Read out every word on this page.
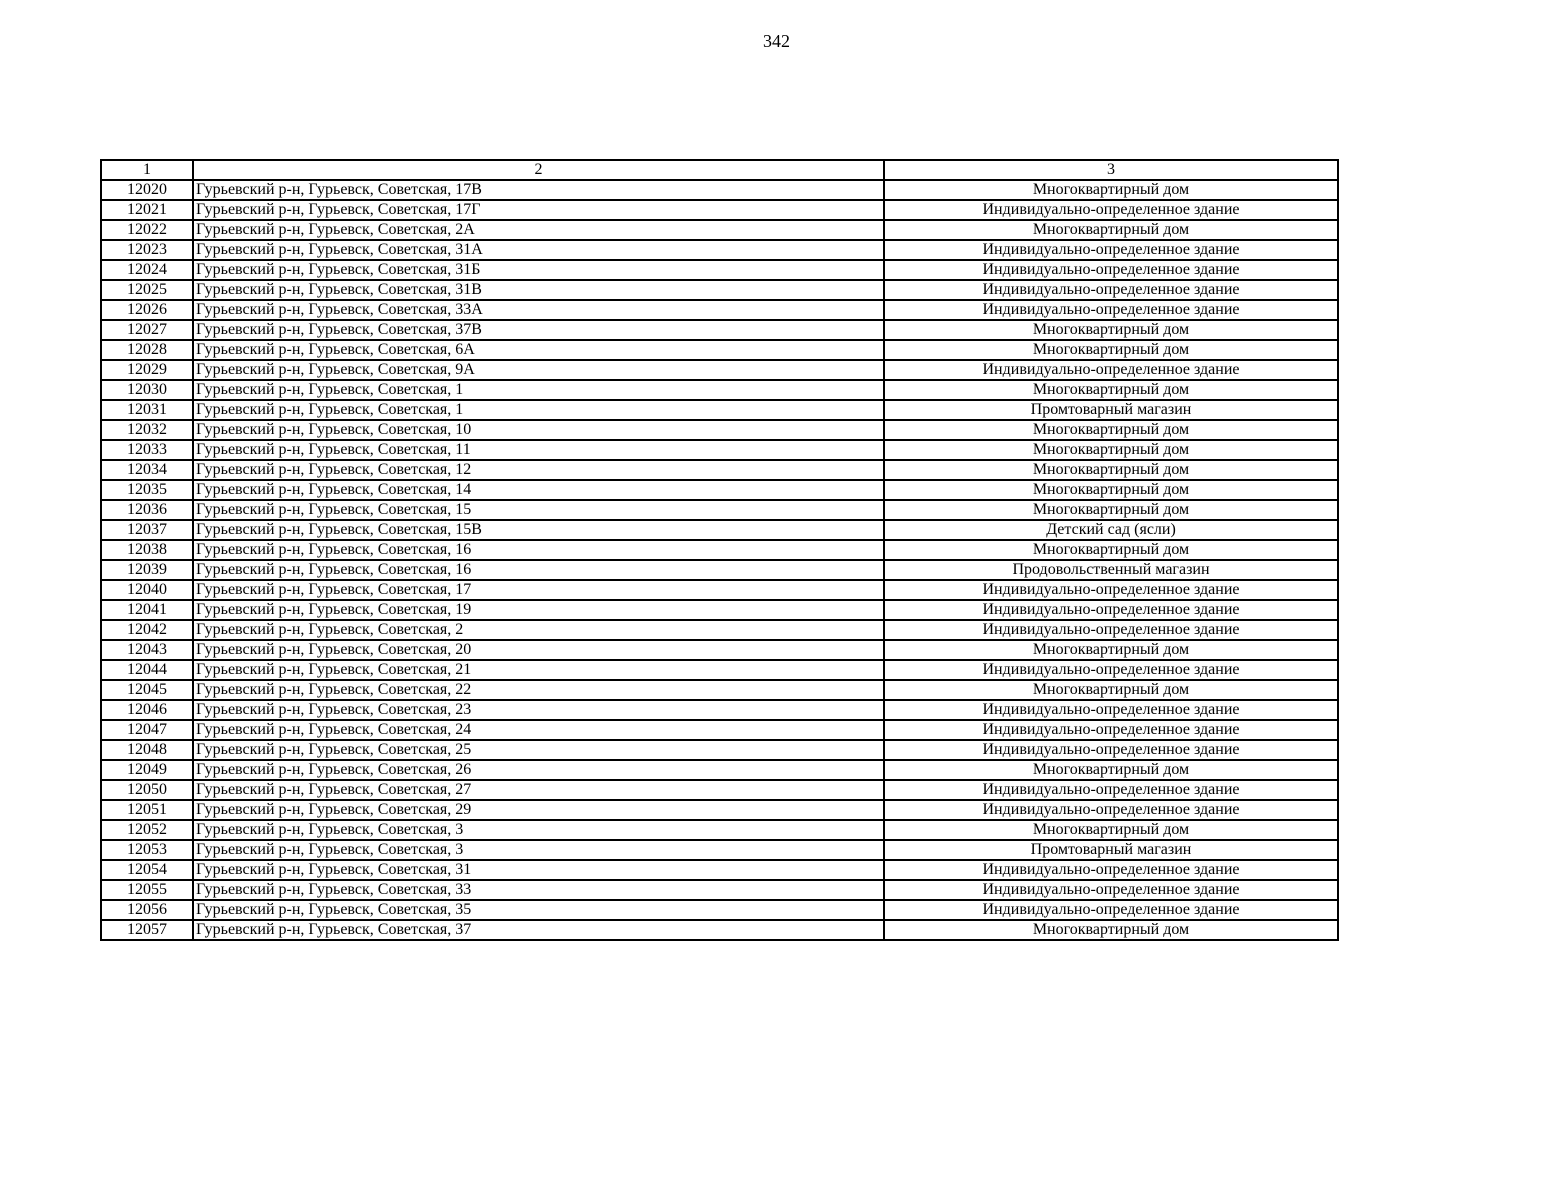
342
1	2	3
12020	Гурьевский р-н, Гурьевск, Советская, 17В	Многоквартирный дом
12021	Гурьевский р-н, Гурьевск, Советская, 17Г	Индивидуально-определенное здание
12022	Гурьевский р-н, Гурьевск, Советская, 2А	Многоквартирный дом
12023	Гурьевский р-н, Гурьевск, Советская, 31А	Индивидуально-определенное здание
12024	Гурьевский р-н, Гурьевск, Советская, 31Б	Индивидуально-определенное здание
12025	Гурьевский р-н, Гурьевск, Советская, 31В	Индивидуально-определенное здание
12026	Гурьевский р-н, Гурьевск, Советская, 33А	Индивидуально-определенное здание
12027	Гурьевский р-н, Гурьевск, Советская, 37В	Многоквартирный дом
12028	Гурьевский р-н, Гурьевск, Советская, 6А	Многоквартирный дом
12029	Гурьевский р-н, Гурьевск, Советская, 9А	Индивидуально-определенное здание
12030	Гурьевский р-н, Гурьевск, Советская, 1	Многоквартирный дом
12031	Гурьевский р-н, Гурьевск, Советская, 1	Промтоварный магазин
12032	Гурьевский р-н, Гурьевск, Советская, 10	Многоквартирный дом
12033	Гурьевский р-н, Гурьевск, Советская, 11	Многоквартирный дом
12034	Гурьевский р-н, Гурьевск, Советская, 12	Многоквартирный дом
12035	Гурьевский р-н, Гурьевск, Советская, 14	Многоквартирный дом
12036	Гурьевский р-н, Гурьевск, Советская, 15	Многоквартирный дом
12037	Гурьевский р-н, Гурьевск, Советская, 15В	Детский сад (ясли)
12038	Гурьевский р-н, Гурьевск, Советская, 16	Многоквартирный дом
12039	Гурьевский р-н, Гурьевск, Советская, 16	Продовольственный магазин
12040	Гурьевский р-н, Гурьевск, Советская, 17	Индивидуально-определенное здание
12041	Гурьевский р-н, Гурьевск, Советская, 19	Индивидуально-определенное здание
12042	Гурьевский р-н, Гурьевск, Советская, 2	Индивидуально-определенное здание
12043	Гурьевский р-н, Гурьевск, Советская, 20	Многоквартирный дом
12044	Гурьевский р-н, Гурьевск, Советская, 21	Индивидуально-определенное здание
12045	Гурьевский р-н, Гурьевск, Советская, 22	Многоквартирный дом
12046	Гурьевский р-н, Гурьевск, Советская, 23	Индивидуально-определенное здание
12047	Гурьевский р-н, Гурьевск, Советская, 24	Индивидуально-определенное здание
12048	Гурьевский р-н, Гурьевск, Советская, 25	Индивидуально-определенное здание
12049	Гурьевский р-н, Гурьевск, Советская, 26	Многоквартирный дом
12050	Гурьевский р-н, Гурьевск, Советская, 27	Индивидуально-определенное здание
12051	Гурьевский р-н, Гурьевск, Советская, 29	Индивидуально-определенное здание
12052	Гурьевский р-н, Гурьевск, Советская, 3	Многоквартирный дом
12053	Гурьевский р-н, Гурьевск, Советская, 3	Промтоварный магазин
12054	Гурьевский р-н, Гурьевск, Советская, 31	Индивидуально-определенное здание
12055	Гурьевский р-н, Гурьевск, Советская, 33	Индивидуально-определенное здание
12056	Гурьевский р-н, Гурьевск, Советская, 35	Индивидуально-определенное здание
12057	Гурьевский р-н, Гурьевск, Советская, 37	Многоквартирный дом
